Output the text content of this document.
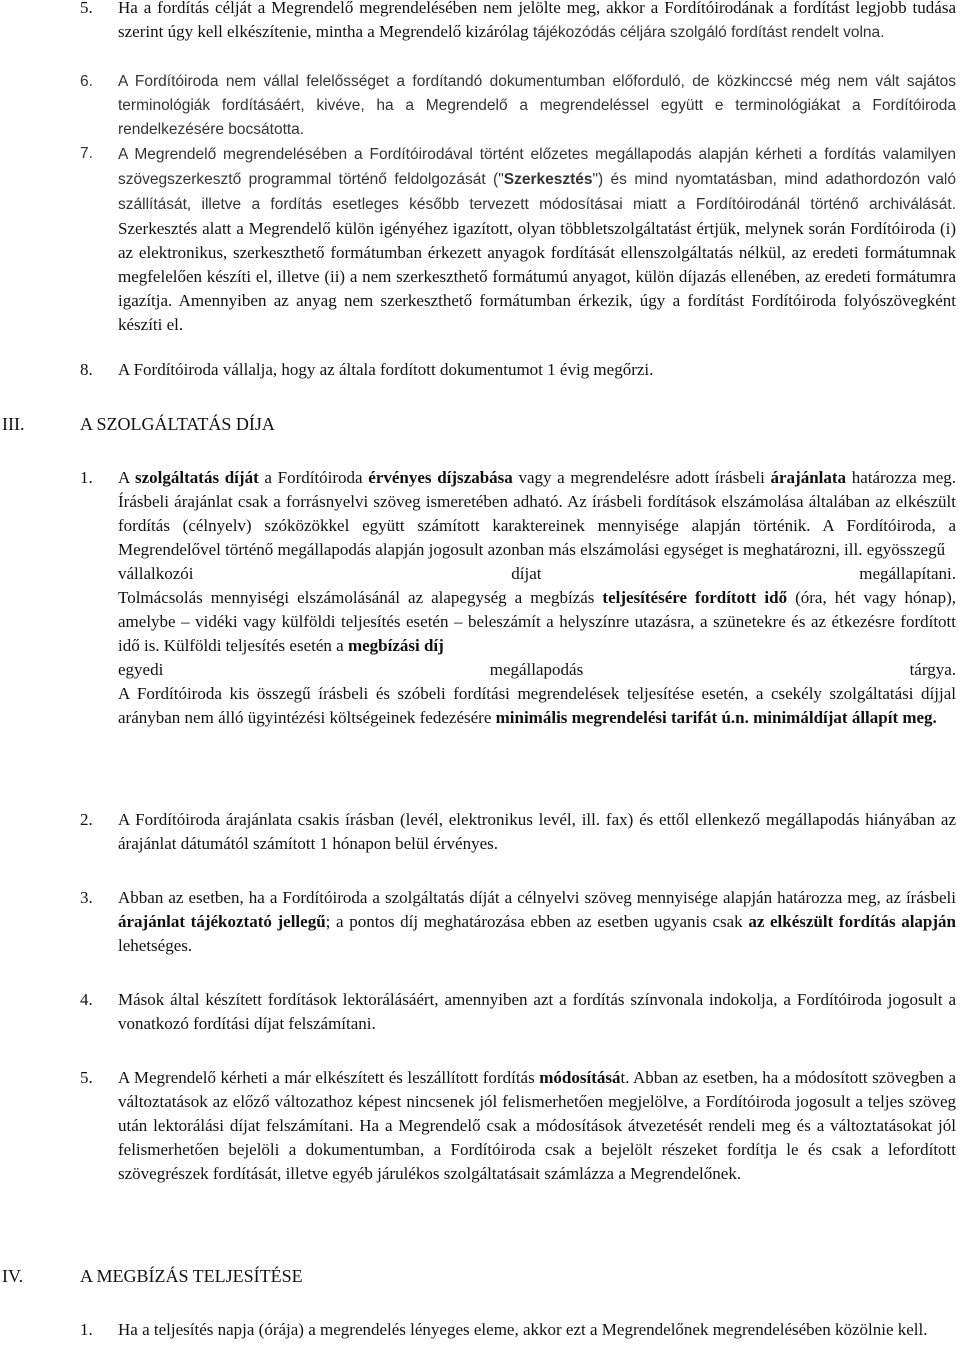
5.	Ha a fordítás célját a Megrendelő megrendelésében nem jelölte meg, akkor a Fordítóirodának a fordítást legjobb tudása szerint úgy kell elkészítenie, mintha a Megrendelő kizárólag tájékozódás céljára szolgáló fordítást rendelt volna.
6.	A Fordítóiroda nem vállal felelősséget a fordítandó dokumentumban előforduló, de közkinccsé még nem vált sajátos terminológiák fordításáért, kivéve, ha a Megrendelő a megrendeléssel együtt e terminológiákat a Fordítóiroda rendelkezésére bocsátotta.
7.	A Megrendelő megrendelésében a Fordítóirodával történt előzetes megállapodás alapján kérheti a fordítás valamilyen szövegszerkesztő programmal történő feldolgozását ("Szerkesztés") és mind nyomtatásban, mind adathordozón való szállítását, illetve a fordítás esetleges később tervezett módosításai miatt a Fordítóirodánál történő archiválását. Szerkesztés alatt a Megrendelő külön igényéhez igazított, olyan többletszolgáltatást értjük, melynek során Fordítóiroda (i) az elektronikus, szerkeszthető formátumban érkezett anyagok fordítását ellenszolgáltatás nélkül, az eredeti formátumnak megfelelően készíti el, illetve (ii) a nem szerkeszthető formátumú anyagot, külön díjazás ellenében, az eredeti formátumra igazítja. Amennyiben az anyag nem szerkeszthető formátumban érkezik, úgy a fordítást Fordítóiroda folyószövegként készíti el.
8.	A Fordítóiroda vállalja, hogy az általa fordított dokumentumot 1 évig megőrzi.
III.	A SZOLGÁLTATÁS DÍJA
1.	A szolgáltatás díját a Fordítóiroda érvényes díjszabása vagy a megrendelésre adott írásbeli árajánlata határozza meg. Írásbeli árajánlat csak a forrásnyelvi szöveg ismeretében adható. Az írásbeli fordítások elszámolása általában az elkészült fordítás (célnyelv) szóközökkel együtt számított karaktereinek mennyisége alapján történik. A Fordítóiroda, a Megrendelővel történő megállapodás alapján jogosult azonban más elszámolási egységet is meghatározni, ill. egyösszegű
vállalkozói	díjat	megállapítani.
Tolmácsolás mennyiségi elszámolásánál az alapegység a megbízás teljesítésére fordított idő (óra, hét vagy hónap), amelybe – vidéki vagy külföldi teljesítés esetén – beleszámít a helyszínre utazásra, a szünetekre és az étkezésre fordított idő is. Külföldi teljesítés esetén a megbízási díj
egyedi	megállapodás	tárgya.
A Fordítóiroda kis összegű írásbeli és szóbeli fordítási megrendelések teljesítése esetén, a csekély szolgáltatási díjjal arányban nem álló ügyintézési költségeinek fedezésére minimális megrendelési tarifát ú.n. minimáldíjat állapít meg.
2.	A Fordítóiroda árajánlata csakis írásban (levél, elektronikus levél, ill. fax) és ettől ellenkező megállapodás hiányában az árajánlat dátumától számított 1 hónapon belül érvényes.
3.	Abban az esetben, ha a Fordítóiroda a szolgáltatás díját a célnyelvi szöveg mennyisége alapján határozza meg, az írásbeli árajánlat tájékoztató jellegű; a pontos díj meghatározása ebben az esetben ugyanis csak az elkészült fordítás alapján lehetséges.
4.	Mások által készített fordítások lektorálásáért, amennyiben azt a fordítás színvonala indokolja, a Fordítóiroda jogosult a vonatkozó fordítási díjat felszámítani.
5.	A Megrendelő kérheti a már elkészített és leszállított fordítás módosítását. Abban az esetben, ha a módosított szövegben a változtatások az előző változathoz képest nincsenek jól felismerhetően megjelölve, a Fordítóiroda jogosult a teljes szöveg után lektorálási díjat felszámítani. Ha a Megrendelő csak a módosítások átvezetését rendeli meg és a változtatásokat jól felismerhetően bejelöli a dokumentumban, a Fordítóiroda csak a bejelölt részeket fordítja le és csak a lefordított szövegrészek fordítását, illetve egyéb járulékos szolgáltatásait számlázza a Megrendelőnek.
IV.	A MEGBÍZÁS TELJESÍTÉSE
1.	Ha a teljesítés napja (órája) a megrendelés lényeges eleme, akkor ezt a Megrendelőnek megrendelésében közölnie kell.
